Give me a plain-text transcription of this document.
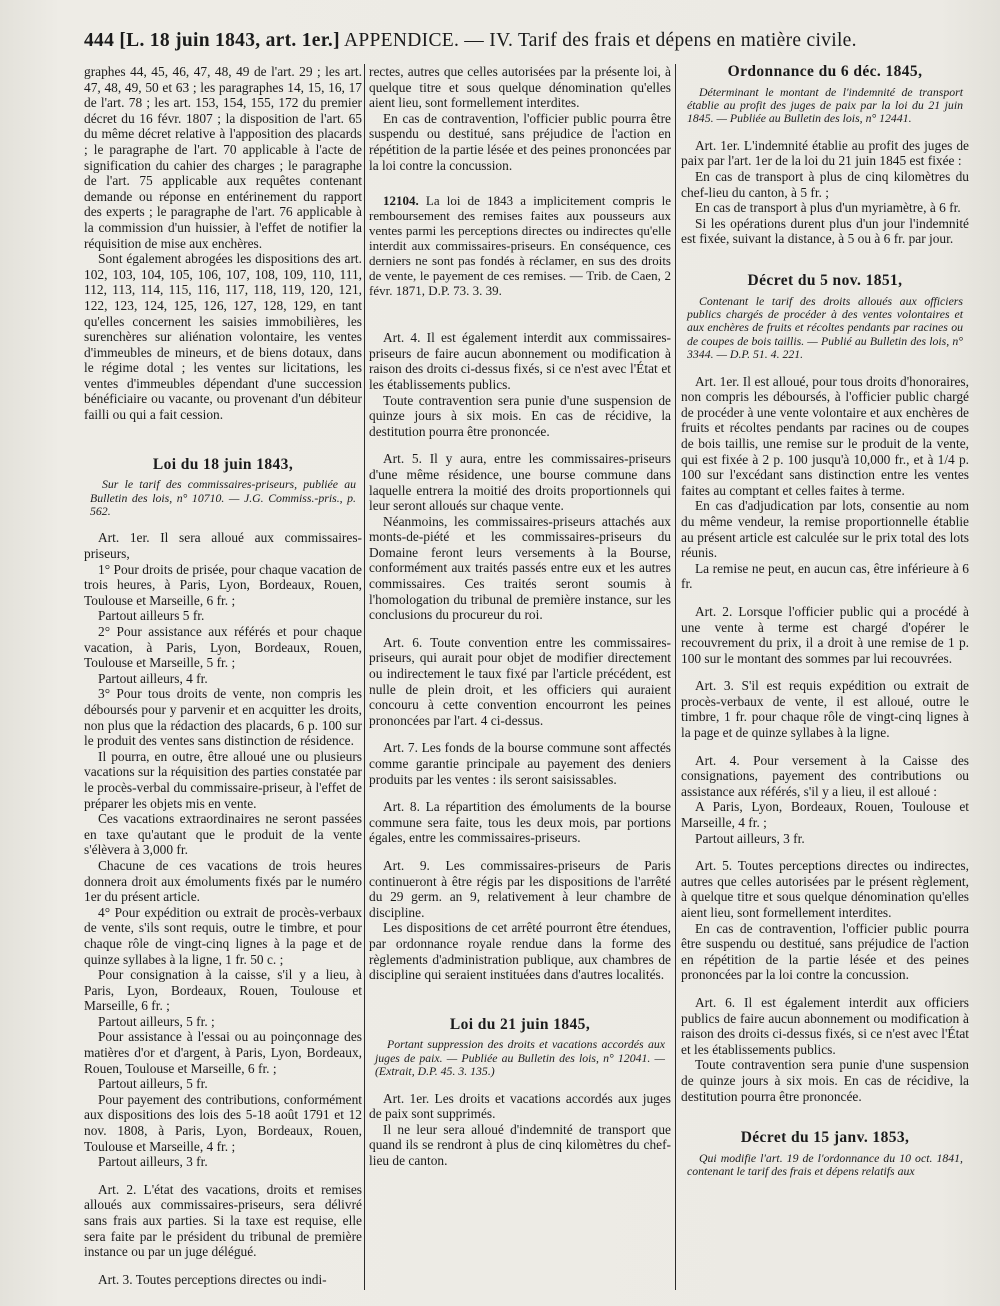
444 [L. 18 juin 1843, art. 1er.] APPENDICE. — IV. Tarif des frais et dépens en matière civile.

graphes 44, 45, 46, 47, 48, 49 de l'art. 29 ; les art. 47, 48, 49, 50 et 63 ; les paragraphes 14, 15, 16, 17 de l'art. 78 ; les art. 153, 154, 155, 172 du premier décret du 16 févr. 1807 ; la disposition de l'art. 65 du même décret relative à l'apposition des placards ; le paragraphe de l'art. 70 applicable à l'acte de signification du cahier des charges ; le paragraphe de l'art. 75 applicable aux requêtes contenant demande ou réponse en entérinement du rapport des experts ; le paragraphe de l'art. 76 applicable à la commission d'un huissier, à l'effet de notifier la réquisition de mise aux enchères.

Sont également abrogées les dispositions des art. 102, 103, 104, 105, 106, 107, 108, 109, 110, 111, 112, 113, 114, 115, 116, 117, 118, 119, 120, 121, 122, 123, 124, 125, 126, 127, 128, 129, en tant qu'elles concernent les saisies immobilières, les surenchères sur aliénation volontaire, les ventes d'immeubles de mineurs, et de biens dotaux, dans le régime dotal ; les ventes sur licitations, les ventes d'immeubles dépendant d'une succession bénéficiaire ou vacante, ou provenant d'un débiteur failli ou qui a fait cession.

Loi du 18 juin 1843,

Sur le tarif des commissaires-priseurs, publiée au Bulletin des lois, n° 10710. — J.G. Commiss.-pris., p. 562.

Art. 1er. Il sera alloué aux commissaires-priseurs,

1° Pour droits de prisée, pour chaque vacation de trois heures, à Paris, Lyon, Bordeaux, Rouen, Toulouse et Marseille, 6 fr. ;

Partout ailleurs 5 fr.

2° Pour assistance aux référés et pour chaque vacation, à Paris, Lyon, Bordeaux, Rouen, Toulouse et Marseille, 5 fr. ;

Partout ailleurs, 4 fr.

3° Pour tous droits de vente, non compris les déboursés pour y parvenir et en acquitter les droits, non plus que la rédaction des placards, 6 p. 100 sur le produit des ventes sans distinction de résidence.

Il pourra, en outre, être alloué une ou plusieurs vacations sur la réquisition des parties constatée par le procès-verbal du commissaire-priseur, à l'effet de préparer les objets mis en vente.

Ces vacations extraordinaires ne seront passées en taxe qu'autant que le produit de la vente s'élèvera à 3,000 fr.

Chacune de ces vacations de trois heures donnera droit aux émoluments fixés par le numéro 1er du présent article.

4° Pour expédition ou extrait de procès-verbaux de vente, s'ils sont requis, outre le timbre, et pour chaque rôle de vingt-cinq lignes à la page et de quinze syllabes à la ligne, 1 fr. 50 c. ;

Pour consignation à la caisse, s'il y a lieu, à Paris, Lyon, Bordeaux, Rouen, Toulouse et Marseille, 6 fr. ;

Partout ailleurs, 5 fr. ;

Pour assistance à l'essai ou au poinçonnage des matières d'or et d'argent, à Paris, Lyon, Bordeaux, Rouen, Toulouse et Marseille, 6 fr. ;

Partout ailleurs, 5 fr.

Pour payement des contributions, conformément aux dispositions des lois des 5-18 août 1791 et 12 nov. 1808, à Paris, Lyon, Bordeaux, Rouen, Toulouse et Marseille, 4 fr. ;

Partout ailleurs, 3 fr.

Art. 2. L'état des vacations, droits et remises alloués aux commissaires-priseurs, sera délivré sans frais aux parties. Si la taxe est requise, elle sera faite par le président du tribunal de première instance ou par un juge délégué.

Art. 3. Toutes perceptions directes ou indi-

rectes, autres que celles autorisées par la présente loi, à quelque titre et sous quelque dénomination qu'elles aient lieu, sont formellement interdites.

En cas de contravention, l'officier public pourra être suspendu ou destitué, sans préjudice de l'action en répétition de la partie lésée et des peines prononcées par la loi contre la concussion.

12104. La loi de 1843 a implicitement compris le remboursement des remises faites aux pousseurs aux ventes parmi les perceptions directes ou indirectes qu'elle interdit aux commissaires-priseurs. En conséquence, ces derniers ne sont pas fondés à réclamer, en sus des droits de vente, le payement de ces remises. — Trib. de Caen, 2 févr. 1871, D.P. 73. 3. 39.

Art. 4. Il est également interdit aux commissaires-priseurs de faire aucun abonnement ou modification à raison des droits ci-dessus fixés, si ce n'est avec l'État et les établissements publics.

Toute contravention sera punie d'une suspension de quinze jours à six mois. En cas de récidive, la destitution pourra être prononcée.

Art. 5. Il y aura, entre les commissaires-priseurs d'une même résidence, une bourse commune dans laquelle entrera la moitié des droits proportionnels qui leur seront alloués sur chaque vente.

Néanmoins, les commissaires-priseurs attachés aux monts-de-piété et les commissaires-priseurs du Domaine feront leurs versements à la Bourse, conformément aux traités passés entre eux et les autres commissaires. Ces traités seront soumis à l'homologation du tribunal de première instance, sur les conclusions du procureur du roi.

Art. 6. Toute convention entre les commissaires-priseurs, qui aurait pour objet de modifier directement ou indirectement le taux fixé par l'article précédent, est nulle de plein droit, et les officiers qui auraient concouru à cette convention encourront les peines prononcées par l'art. 4 ci-dessus.

Art. 7. Les fonds de la bourse commune sont affectés comme garantie principale au payement des deniers produits par les ventes : ils seront saisissables.

Art. 8. La répartition des émoluments de la bourse commune sera faite, tous les deux mois, par portions égales, entre les commissaires-priseurs.

Art. 9. Les commissaires-priseurs de Paris continueront à être régis par les dispositions de l'arrêté du 29 germ. an 9, relativement à leur chambre de discipline.

Les dispositions de cet arrêté pourront être étendues, par ordonnance royale rendue dans la forme des règlements d'administration publique, aux chambres de discipline qui seraient instituées dans d'autres localités.

Loi du 21 juin 1845,

Portant suppression des droits et vacations accordés aux juges de paix. — Publiée au Bulletin des lois, n° 12041. — (Extrait, D.P. 45. 3. 135.)

Art. 1er. Les droits et vacations accordés aux juges de paix sont supprimés.

Il ne leur sera alloué d'indemnité de transport que quand ils se rendront à plus de cinq kilomètres du chef-lieu de canton.

Ordonnance du 6 déc. 1845,

Déterminant le montant de l'indemnité de transport établie au profit des juges de paix par la loi du 21 juin 1845. — Publiée au Bulletin des lois, n° 12441.

Art. 1er. L'indemnité établie au profit des juges de paix par l'art. 1er de la loi du 21 juin 1845 est fixée :

En cas de transport à plus de cinq kilomètres du chef-lieu du canton, à 5 fr. ;

En cas de transport à plus d'un myriamètre, à 6 fr.

Si les opérations durent plus d'un jour l'indemnité est fixée, suivant la distance, à 5 ou à 6 fr. par jour.

Décret du 5 nov. 1851,

Contenant le tarif des droits alloués aux officiers publics chargés de procéder à des ventes volontaires et aux enchères de fruits et récoltes pendants par racines ou de coupes de bois taillis. — Publié au Bulletin des lois, n° 3344. — D.P. 51. 4. 221.

Art. 1er. Il est alloué, pour tous droits d'honoraires, non compris les déboursés, à l'officier public chargé de procéder à une vente volontaire et aux enchères de fruits et récoltes pendants par racines ou de coupes de bois taillis, une remise sur le produit de la vente, qui est fixée à 2 p. 100 jusqu'à 10,000 fr., et à 1/4 p. 100 sur l'excédant sans distinction entre les ventes faites au comptant et celles faites à terme.

En cas d'adjudication par lots, consentie au nom du même vendeur, la remise proportionnelle établie au présent article est calculée sur le prix total des lots réunis.

La remise ne peut, en aucun cas, être inférieure à 6 fr.

Art. 2. Lorsque l'officier public qui a procédé à une vente à terme est chargé d'opérer le recouvrement du prix, il a droit à une remise de 1 p. 100 sur le montant des sommes par lui recouvrées.

Art. 3. S'il est requis expédition ou extrait de procès-verbaux de vente, il est alloué, outre le timbre, 1 fr. pour chaque rôle de vingt-cinq lignes à la page et de quinze syllabes à la ligne.

Art. 4. Pour versement à la Caisse des consignations, payement des contributions ou assistance aux référés, s'il y a lieu, il est alloué :

A Paris, Lyon, Bordeaux, Rouen, Toulouse et Marseille, 4 fr. ;

Partout ailleurs, 3 fr.

Art. 5. Toutes perceptions directes ou indirectes, autres que celles autorisées par le présent règlement, à quelque titre et sous quelque dénomination qu'elles aient lieu, sont formellement interdites.

En cas de contravention, l'officier public pourra être suspendu ou destitué, sans préjudice de l'action en répétition de la partie lésée et des peines prononcées par la loi contre la concussion.

Art. 6. Il est également interdit aux officiers publics de faire aucun abonnement ou modification à raison des droits ci-dessus fixés, si ce n'est avec l'État et les établissements publics.

Toute contravention sera punie d'une suspension de quinze jours à six mois. En cas de récidive, la destitution pourra être prononcée.

Décret du 15 janv. 1853,

Qui modifie l'art. 19 de l'ordonnance du 10 oct. 1841, contenant le tarif des frais et dépens relatifs aux
